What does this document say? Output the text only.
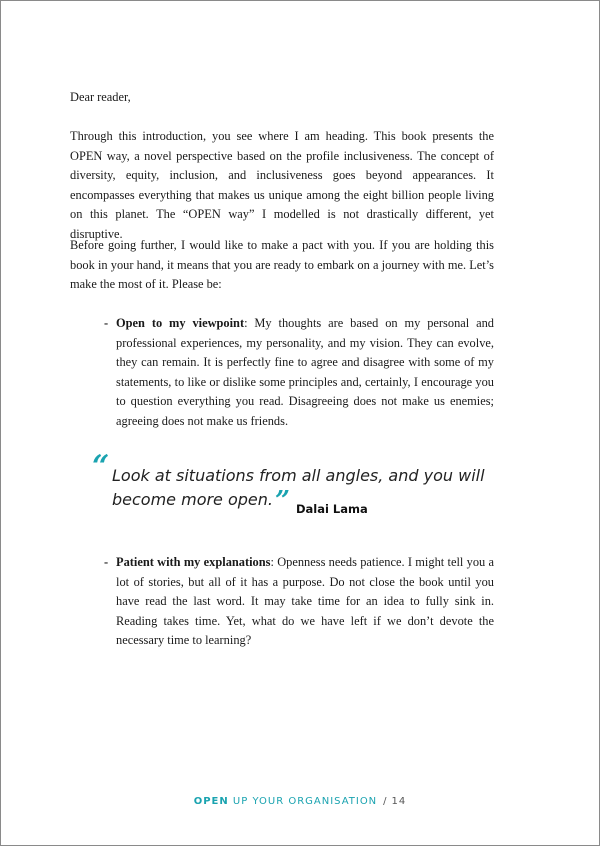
Dear reader,

Through this introduction, you see where I am heading. This book presents the OPEN way, a novel perspective based on the profile inclusiveness. The concept of diversity, equity, inclusion, and inclusiveness goes beyond appearances. It encompasses everything that makes us unique among the eight billion people living on this planet. The “OPEN way” I modelled is not drastically different, yet disruptive.

Before going further, I would like to make a pact with you. If you are holding this book in your hand, it means that you are ready to embark on a journey with me. Let’s make the most of it. Please be:

- Open to my viewpoint: My thoughts are based on my personal and professional experiences, my personality, and my vision. They can evolve, they can remain. It is perfectly fine to agree and disagree with some of my statements, to like or dislike some principles and, certainly, I encourage you to question everything you read. Disagreeing does not make us enemies; agreeing does not make us friends.
“ Look at situations from all angles, and you will become more open.” $_{Dalai Lama}$
- Patient with my explanations: Openness needs patience. I might tell you a lot of stories, but all of it has a purpose. Do not close the book until you have read the last word. It may take time for an idea to fully sink in. Reading takes time. Yet, what do we have left if we don’t devote the necessary time to learning?
OPEN UP YOUR ORGANISATION / 14
